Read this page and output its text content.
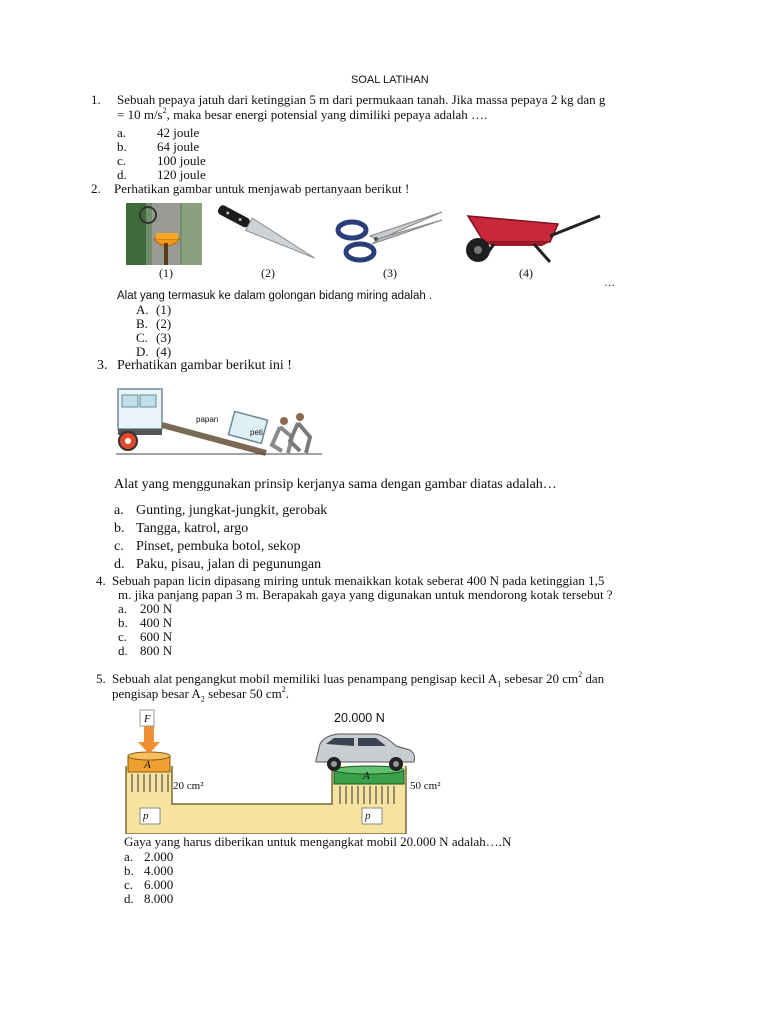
SOAL LATIHAN
1. Sebuah pepaya jatuh dari ketinggian 5 m dari permukaan tanah. Jika massa pepaya 2 kg dan g
= 10 $m/s^2$, maka besar energi potensial yang dimiliki pepaya adalah ….
a. 42 joule
b. 64 joule
c. 100 joule
d. 120 joule
2. Perhatikan gambar untuk menjawab pertanyaan berikut !
(1)	(2)	(3)	(4)
…
Alat yang termasuk ke dalam golongan bidang miring adalah .
A. (1)
B. (2)
C. (3)
D. (4)
3. Perhatikan gambar berikut ini !
papan
peti
Alat yang menggunakan prinsip kerjanya sama dengan gambar diatas adalah…
a. Gunting, jungkat-jungkit, gerobak
b. Tangga, katrol, argo
c. Pinset, pembuka botol, sekop
d. Paku, pisau, jalan di pegunungan
4. Sebuah papan licin dipasang miring untuk menaikkan kotak seberat 400 N pada ketinggian 1,5
m. jika panjang papan 3 m. Berapakah gaya yang digunakan untuk mendorong kotak tersebut ?
a. 200 N
b. 400 N
c. 600 N
d. 800 N
5. Sebuah alat pengangkut mobil memiliki luas penampang pengisap kecil $A_1$ sebesar 20 $cm^2$ dan
pengisap besar $A_2$ sebesar 50 $cm^2$.
F	20.000 N
A
A
20 cm²	50 cm²
p	p
Gaya yang harus diberikan untuk mengangkat mobil 20.000 N adalah….N
a. 2.000
b. 4.000
c. 6.000
d. 8.000
